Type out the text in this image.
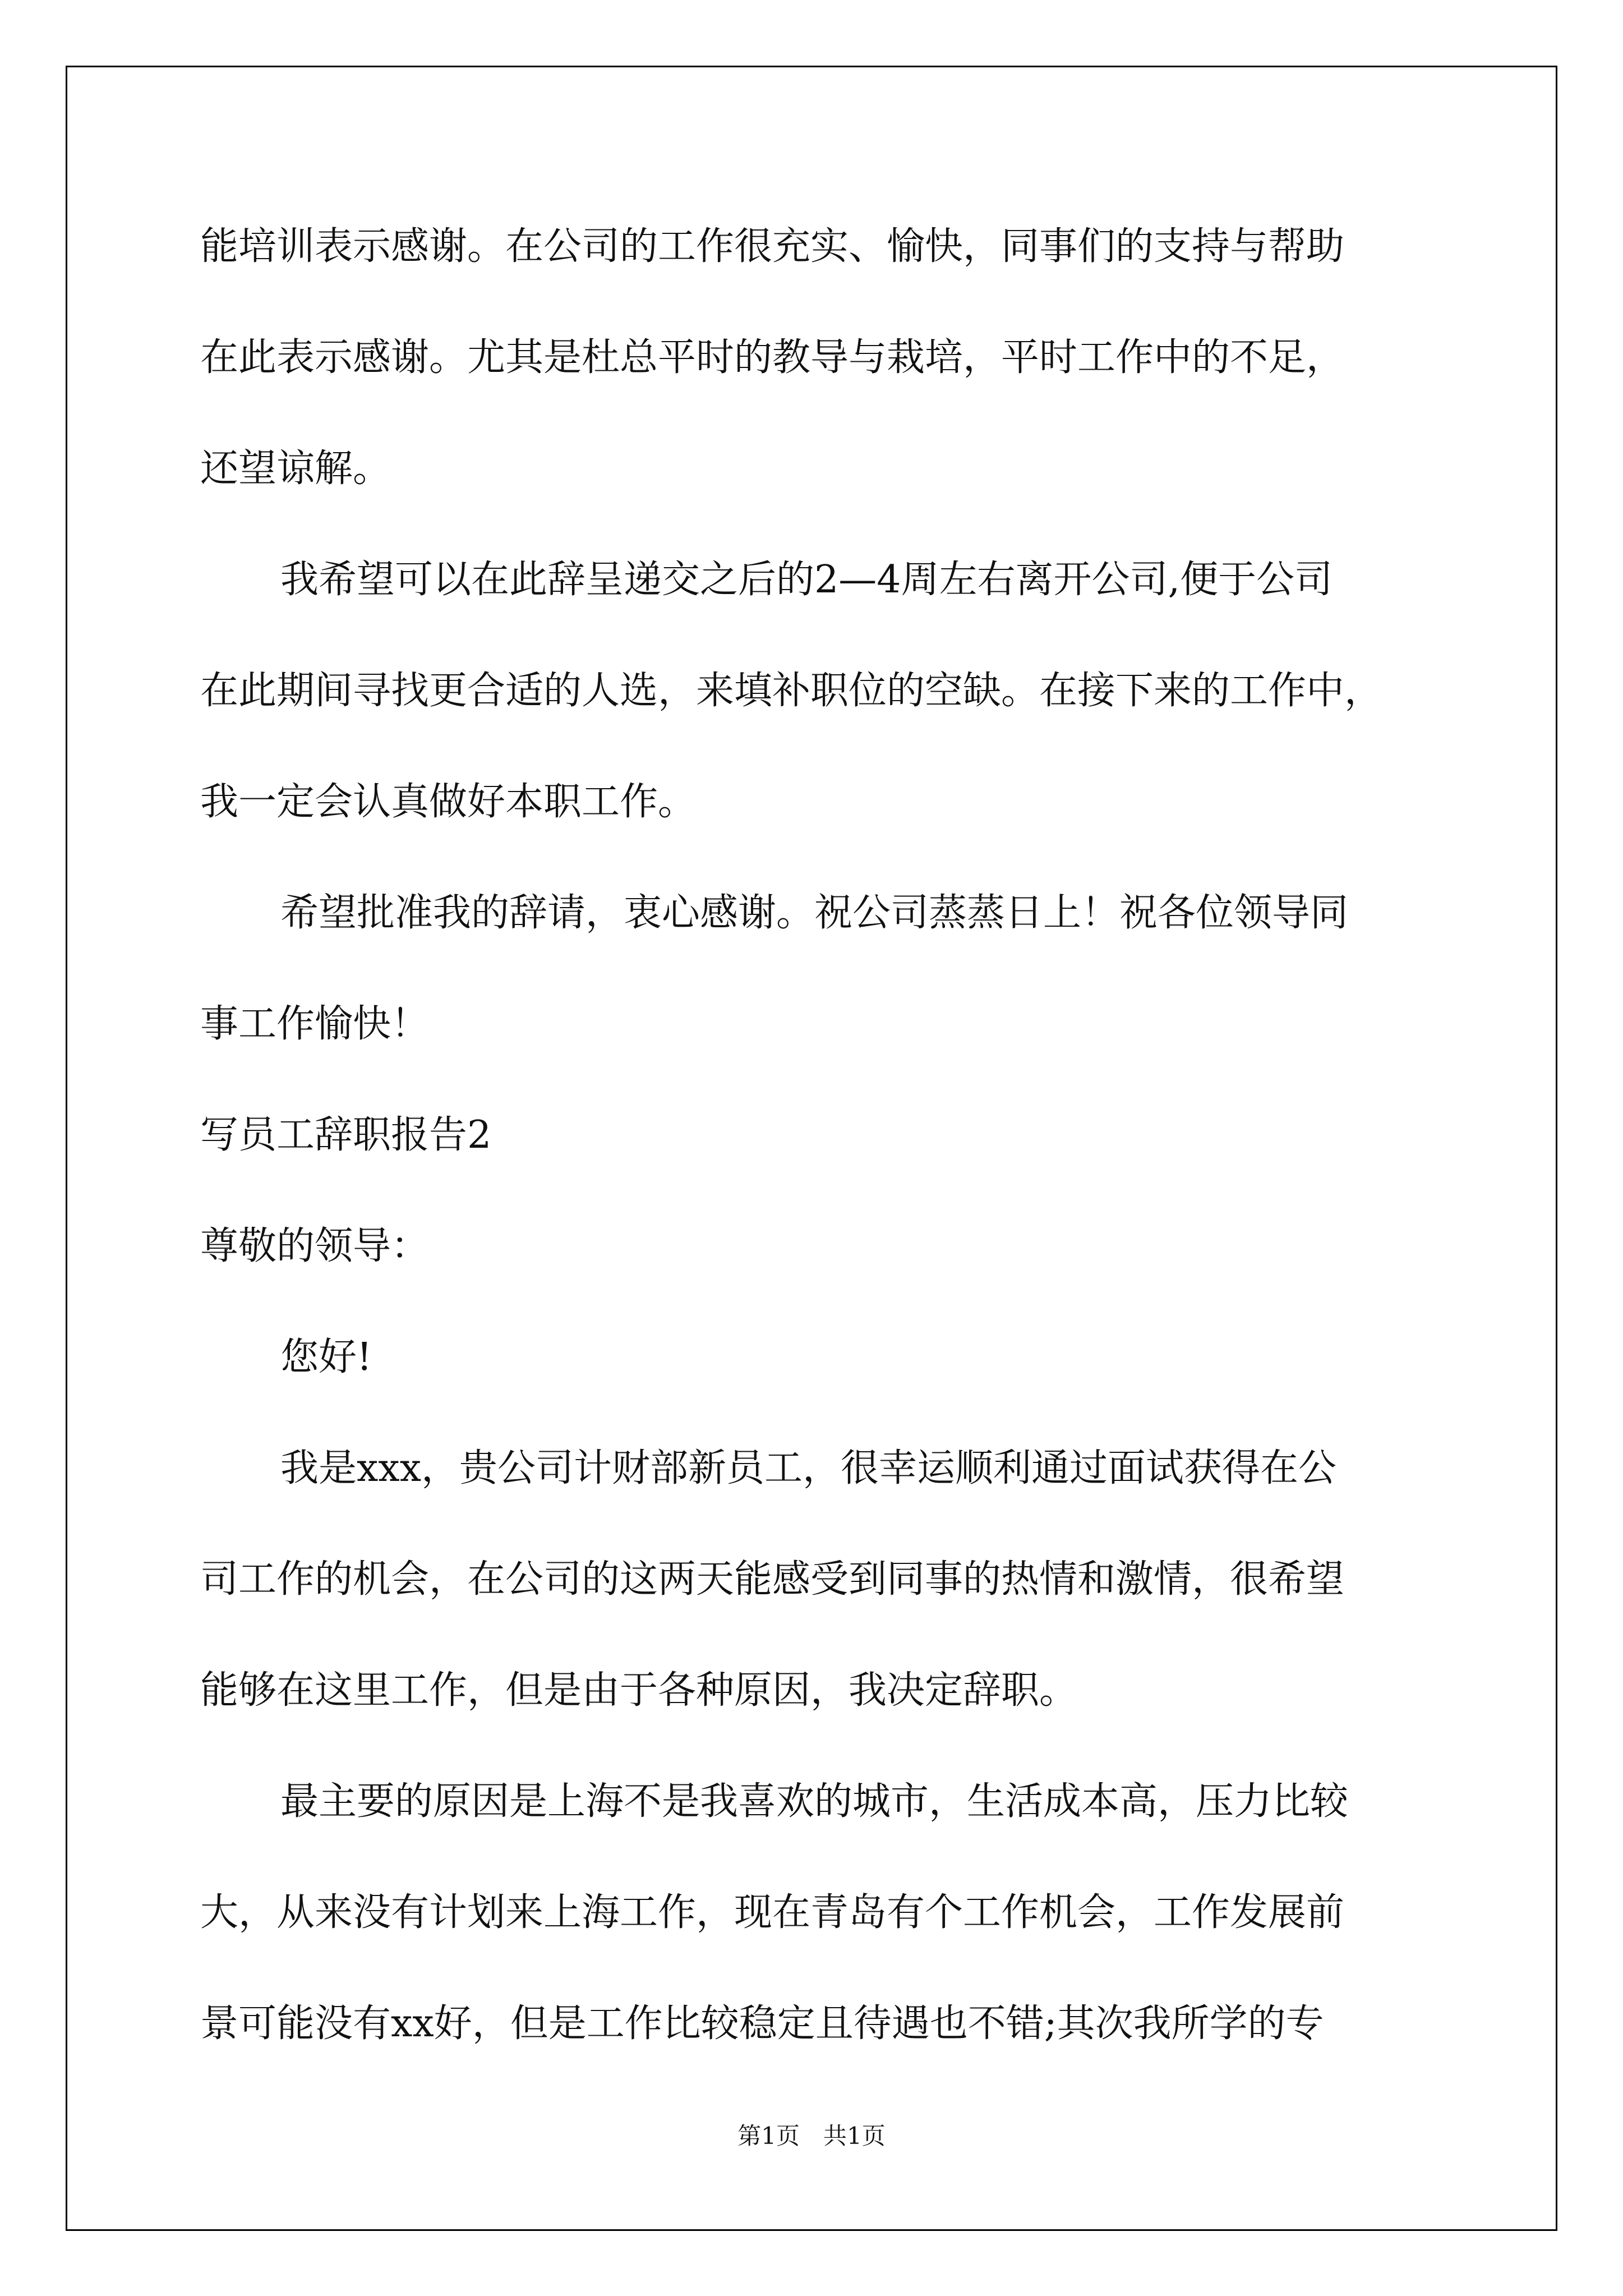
能培训表示感谢。在公司的工作很充实、愉快，同事们的支持与帮助
在此表示感谢。尤其是杜总平时的教导与栽培，平时工作中的不足，
还望谅解。
我希望可以在此辞呈递交之后的2—4周左右离开公司,便于公司
在此期间寻找更合适的人选，来填补职位的空缺。在接下来的工作中，
我一定会认真做好本职工作。
希望批准我的辞请，衷心感谢。祝公司蒸蒸日上！祝各位领导同
事工作愉快！
写员工辞职报告2
尊敬的领导：
您好!
我是xxx，贵公司计财部新员工，很幸运顺利通过面试获得在公
司工作的机会，在公司的这两天能感受到同事的热情和激情，很希望
能够在这里工作，但是由于各种原因，我决定辞职。
最主要的原因是上海不是我喜欢的城市，生活成本高，压力比较
大，从来没有计划来上海工作，现在青岛有个工作机会，工作发展前
景可能没有xx好，但是工作比较稳定且待遇也不错;其次我所学的专
第1页　共1页
